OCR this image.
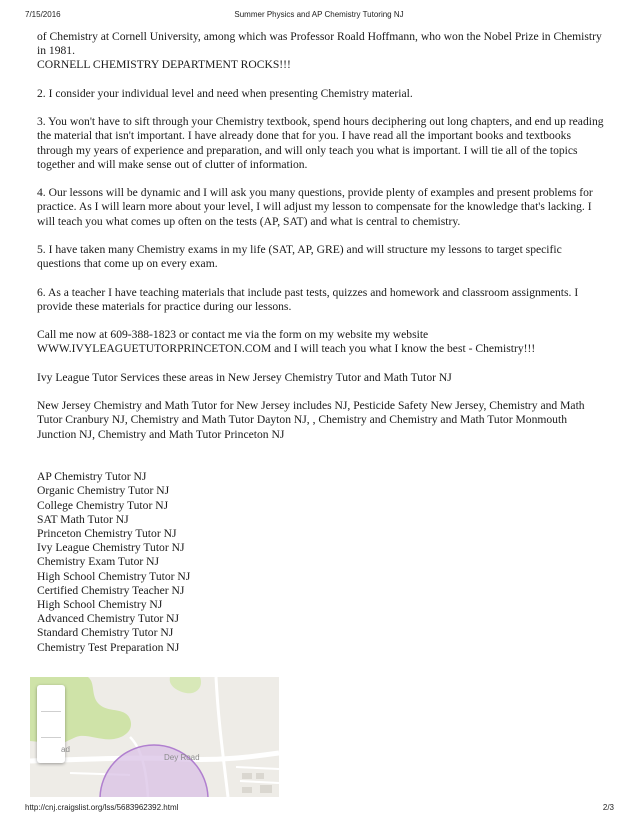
7/15/2016	Summer Physics and AP Chemistry Tutoring NJ

of Chemistry at Cornell University, among which was Professor Roald Hoffmann, who won the Nobel Prize in Chemistry in 1981.

CORNELL CHEMISTRY DEPARTMENT ROCKS!!!

2. I consider your individual level and need when presenting Chemistry material.

3. You won't have to sift through your Chemistry textbook, spend hours deciphering out long chapters, and end up reading the material that isn't important. I have already done that for you. I have read all the important books and textbooks through my years of experience and preparation, and will only teach you what is important. I will tie all of the topics together and will make sense out of clutter of information.

4. Our lessons will be dynamic and I will ask you many questions, provide plenty of examples and present problems for practice. As I will learn more about your level, I will adjust my lesson to compensate for the knowledge that's lacking. I will teach you what comes up often on the tests (AP, SAT) and what is central to chemistry.

5. I have taken many Chemistry exams in my life (SAT, AP, GRE) and will structure my lessons to target specific questions that come up on every exam.

6. As a teacher I have teaching materials that include past tests, quizzes and homework and classroom assignments. I provide these materials for practice during our lessons.

Call me now at 609-388-1823 or contact me via the form on my website my website WWW.IVYLEAGUETUTORPRINCETON.COM and I will teach you what I know the best - Chemistry!!!

Ivy League Tutor Services these areas in New Jersey Chemistry Tutor and Math Tutor NJ

New Jersey Chemistry and Math Tutor for New Jersey includes NJ, Pesticide Safety New Jersey, Chemistry and Math Tutor Cranbury NJ, Chemistry and Math Tutor Dayton NJ, , Chemistry and Chemistry and Math Tutor Monmouth Junction NJ, Chemistry and Math Tutor Princeton NJ

AP Chemistry Tutor NJ
Organic Chemistry Tutor NJ
College Chemistry Tutor NJ
SAT Math Tutor NJ
Princeton Chemistry Tutor NJ
Ivy League Chemistry Tutor NJ
Chemistry Exam Tutor NJ
High School Chemistry Tutor NJ
Certified Chemistry Teacher NJ
High School Chemistry NJ
Advanced Chemistry Tutor NJ
Standard Chemistry Tutor NJ
Chemistry Test Preparation NJ
Dey Road
ad
http://cnj.craigslist.org/lss/5683962392.html	2/3
